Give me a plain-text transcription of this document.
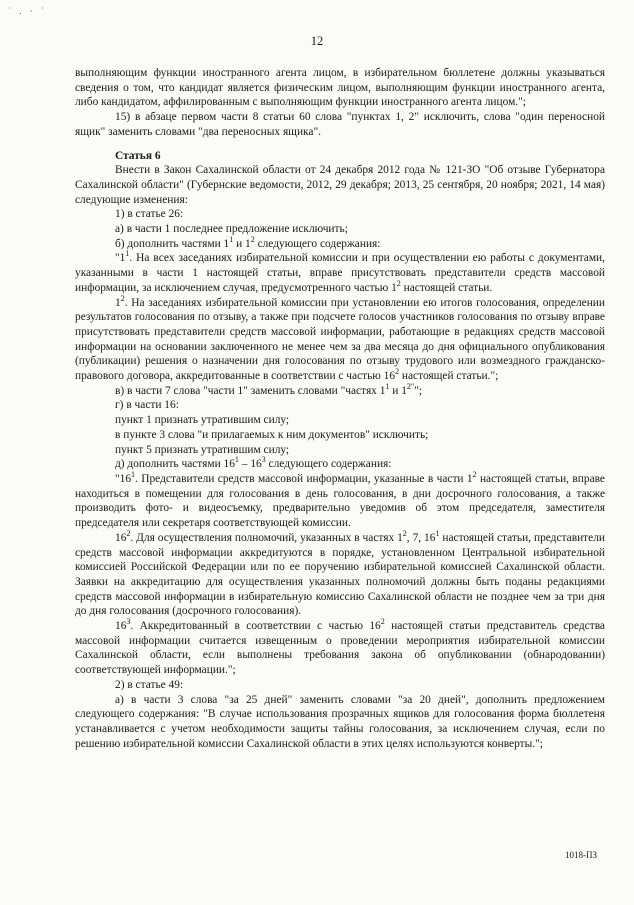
˙ . · ˙
12

выполняющим функции иностранного агента лицом, в избирательном бюллетене должны указываться сведения о том, что кандидат является физическим лицом, выполняющим функции иностранного агента, либо кандидатом, аффилированным с выполняющим функции иностранного агента лицом.";

15) в абзаце первом части 8 статьи 60 слова "пунктах 1, 2" исключить, слова "один переносной ящик" заменить словами "два переносных ящика".

Статья 6

Внести в Закон Сахалинской области от 24 декабря 2012 года № 121-ЗО "Об отзыве Губернатора Сахалинской области" (Губернские ведомости, 2012, 29 декабря; 2013, 25 сентября, 20 ноября; 2021, 14 мая) следующие изменения:

1) в статье 26:

а) в части 1 последнее предложение исключить;

б) дополнить частями $1^1$ и $1^2$ следующего содержания:

"$1^1$. На всех заседаниях избирательной комиссии и при осуществлении ею работы с документами, указанными в части 1 настоящей статьи, вправе присутствовать представители средств массовой информации, за исключением случая, предусмотренного частью $1^2$ настоящей статьи.

$1^2$. На заседаниях избирательной комиссии при установлении ею итогов голосования, определении результатов голосования по отзыву, а также при подсчете голосов участников голосования по отзыву вправе присутствовать представители средств массовой информации, работающие в редакциях средств массовой информации на основании заключенного не менее чем за два месяца до дня официального опубликования (публикации) решения о назначении дня голосования по отзыву трудового или возмездного гражданско-правового договора, аккредитованные в соответствии с частью $16^2$ настоящей статьи.";

в) в части 7 слова "части 1" заменить словами "частях $1^1$ и $1^{2"}$";

г) в части 16:

пункт 1 признать утратившим силу;

в пункте 3 слова "и прилагаемых к ним документов" исключить;

пункт 5 признать утратившим силу;

д) дополнить частями $16^1 - 16^3$ следующего содержания:

"$16^1$. Представители средств массовой информации, указанные в части $1^2$ настоящей статьи, вправе находиться в помещении для голосования в день голосования, в дни досрочного голосования, а также производить фото- и видеосъемку, предварительно уведомив об этом председателя, заместителя председателя или секретаря соответствующей комиссии.

$16^2$. Для осуществления полномочий, указанных в частях $1^2$, 7, $16^1$ настоящей статьи, представители средств массовой информации аккредитуются в порядке, установленном Центральной избирательной комиссией Российской Федерации или по ее поручению избирательной комиссией Сахалинской области. Заявки на аккредитацию для осуществления указанных полномочий должны быть поданы редакциями средств массовой информации в избирательную комиссию Сахалинской области не позднее чем за три дня до дня голосования (досрочного голосования).

$16^3$. Аккредитованный в соответствии с частью $16^2$ настоящей статьи представитель средства массовой информации считается извещенным о проведении мероприятия избирательной комиссии Сахалинской области, если выполнены требования закона об опубликовании (обнародовании) соответствующей информации.";

2) в статье 49:

а) в части 3 слова "за 25 дней" заменить словами "за 20 дней", дополнить предложением следующего содержания: "В случае использования прозрачных ящиков для голосования форма бюллетеня устанавливается с учетом необходимости защиты тайны голосования, за исключением случая, если по решению избирательной комиссии Сахалинской области в этих целях используются конверты.";

1018-ПЗ
